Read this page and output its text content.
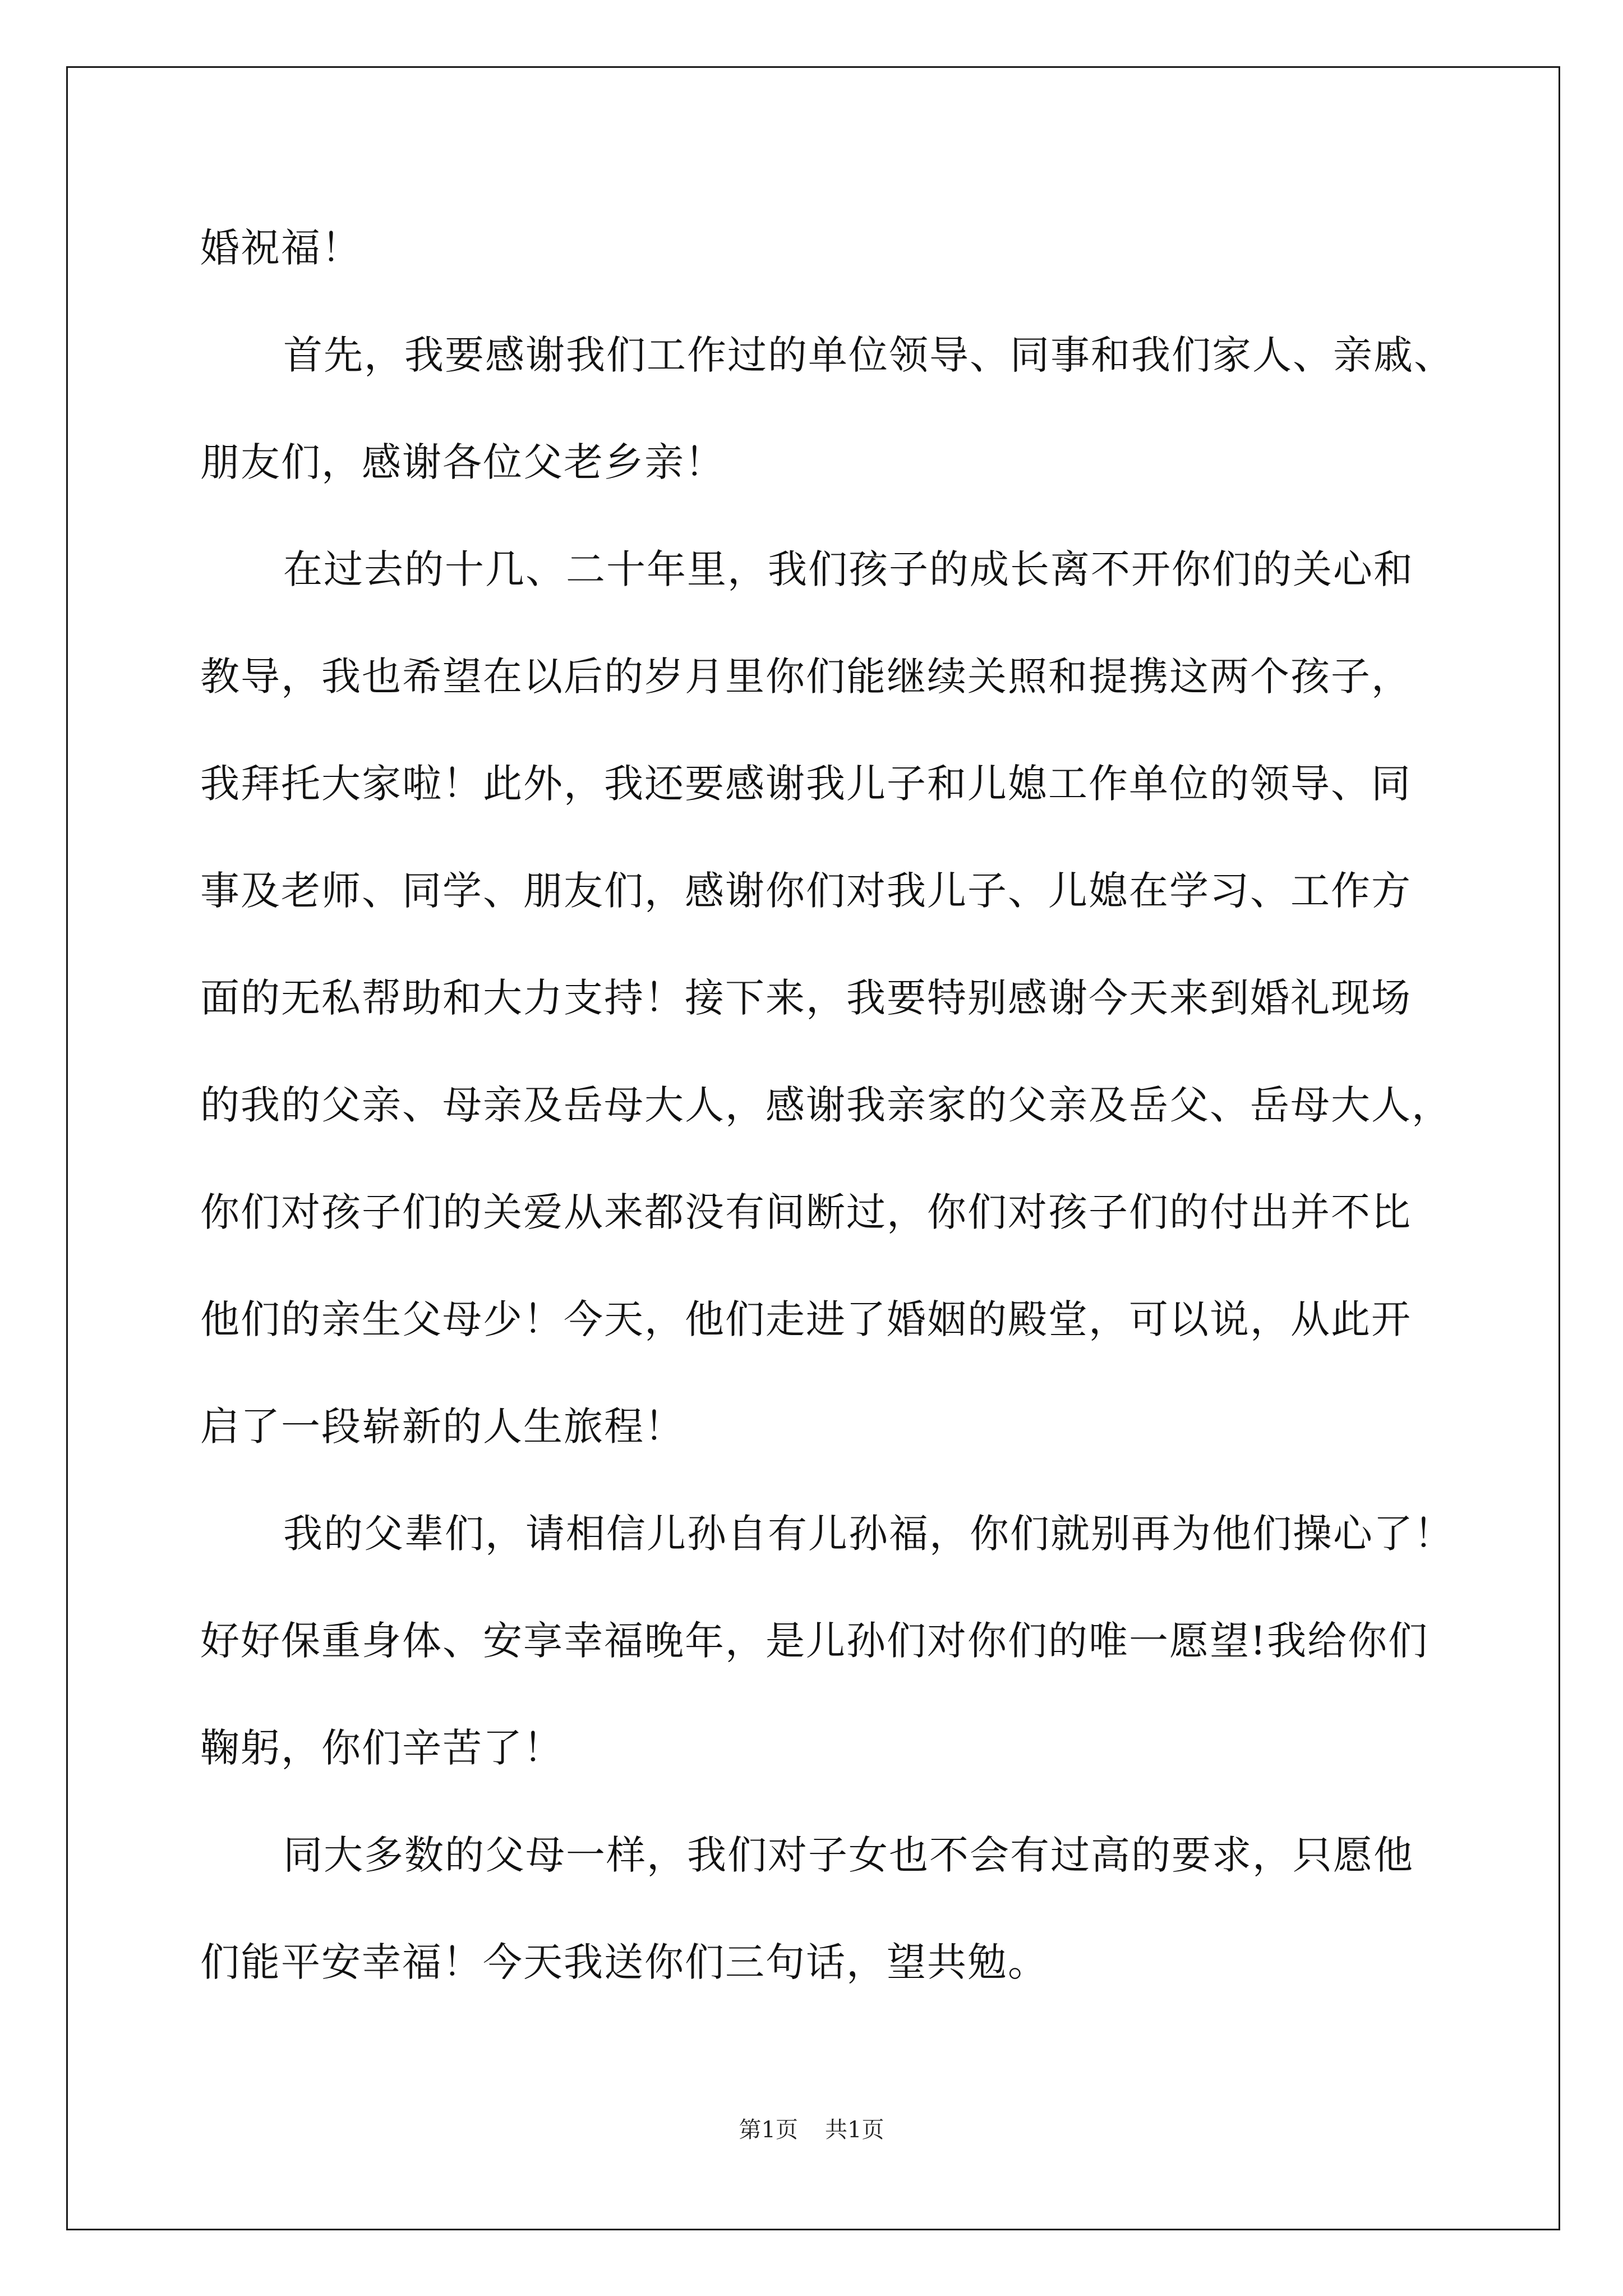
婚祝福！
首先，我要感谢我们工作过的单位领导、同事和我们家人、亲戚、
朋友们，感谢各位父老乡亲！
在过去的十几、二十年里，我们孩子的成长离不开你们的关心和
教导，我也希望在以后的岁月里你们能继续关照和提携这两个孩子，
我拜托大家啦！此外，我还要感谢我儿子和儿媳工作单位的领导、同
事及老师、同学、朋友们，感谢你们对我儿子、儿媳在学习、工作方
面的无私帮助和大力支持！接下来，我要特别感谢今天来到婚礼现场
的我的父亲、母亲及岳母大人，感谢我亲家的父亲及岳父、岳母大人，
你们对孩子们的关爱从来都没有间断过，你们对孩子们的付出并不比
他们的亲生父母少！今天，他们走进了婚姻的殿堂，可以说，从此开
启了一段崭新的人生旅程！
我的父辈们，请相信儿孙自有儿孙福，你们就别再为他们操心了！
好好保重身体、安享幸福晚年，是儿孙们对你们的唯一愿望!我给你们
鞠躬，你们辛苦了！
同大多数的父母一样，我们对子女也不会有过高的要求，只愿他
们能平安幸福！今天我送你们三句话，望共勉。
第1页 共1页
